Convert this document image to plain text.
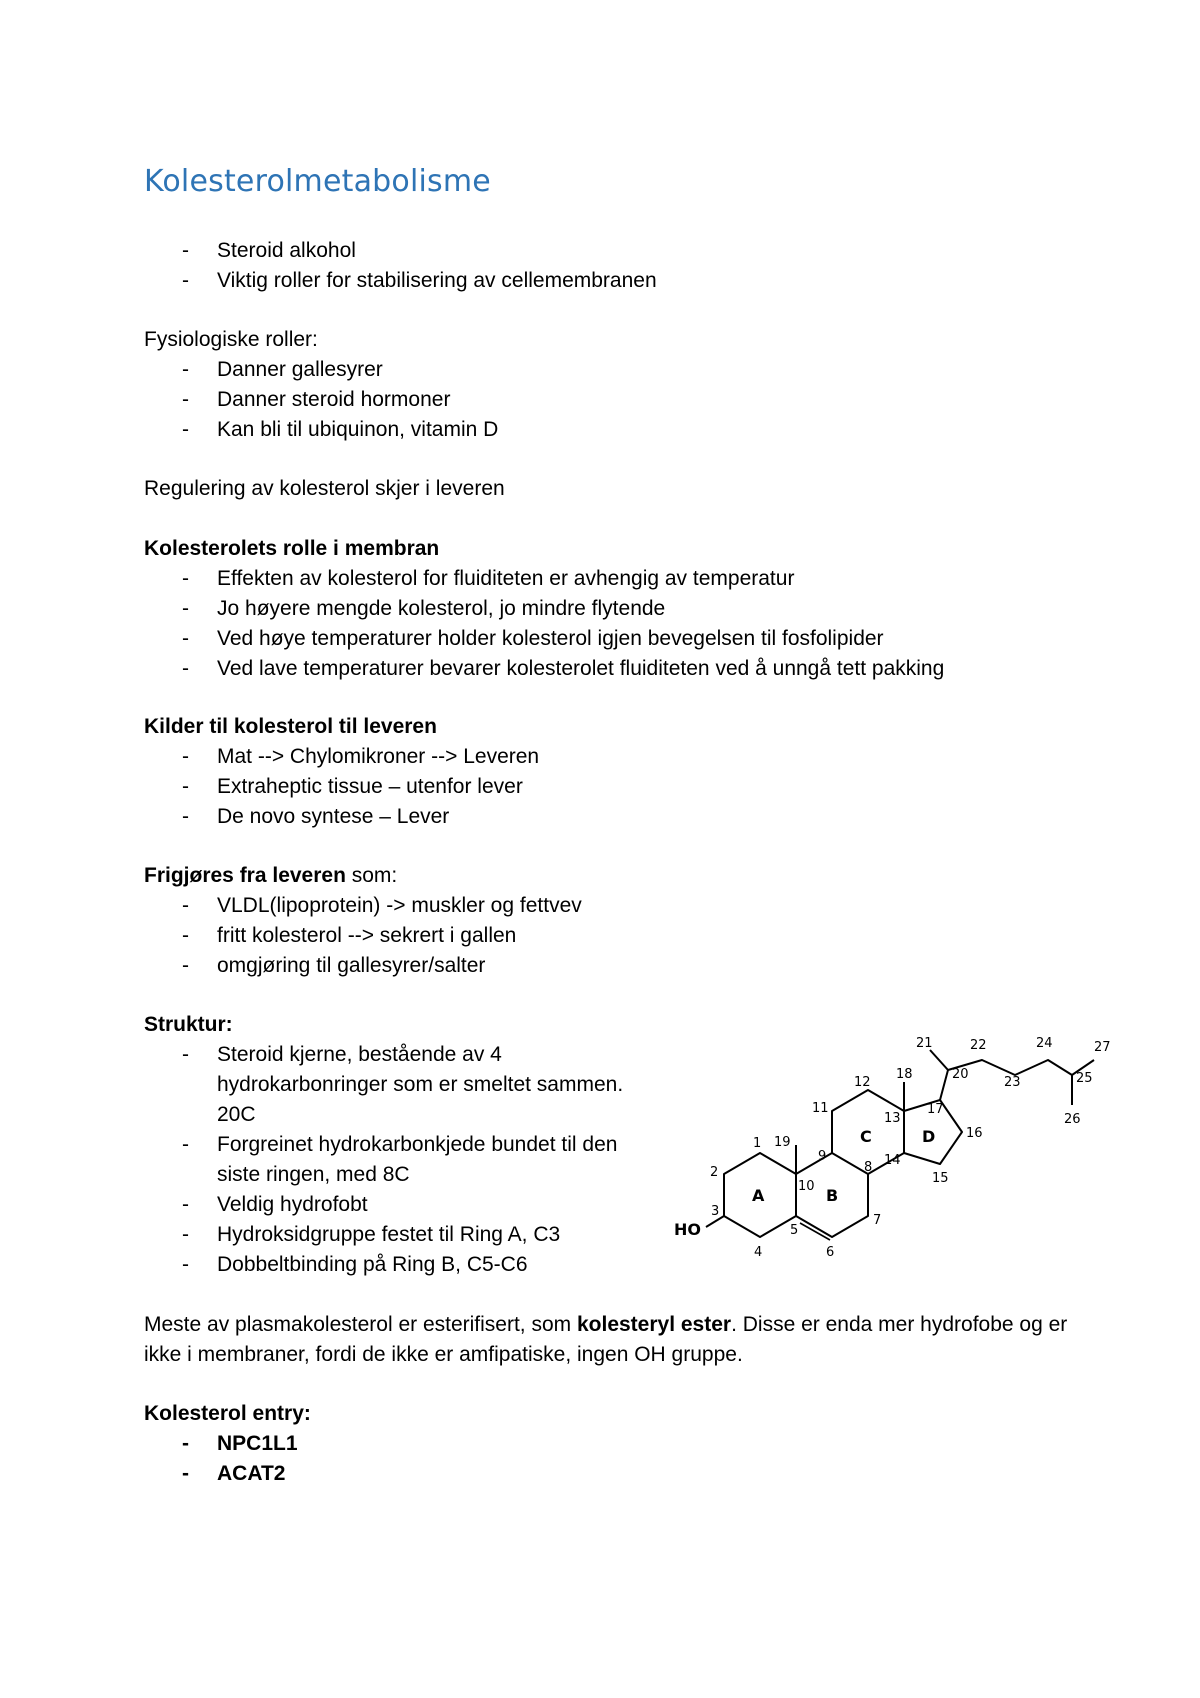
Kolesterolmetabolisme
- Steroid alkohol
- Viktig roller for stabilisering av cellemembranen

Fysiologiske roller:

- Danner gallesyrer
- Danner steroid hormoner
- Kan bli til ubiquinon, vitamin D

Regulering av kolesterol skjer i leveren

Kolesterolets rolle i membran

- Effekten av kolesterol for fluiditeten er avhengig av temperatur
- Jo høyere mengde kolesterol, jo mindre flytende
- Ved høye temperaturer holder kolesterol igjen bevegelsen til fosfolipider
- Ved lave temperaturer bevarer kolesterolet fluiditeten ved å unngå tett pakking

Kilder til kolesterol til leveren

- Mat --> Chylomikroner --> Leveren
- Extraheptic tissue – utenfor lever
- De novo syntese – Lever

Frigjøres fra leveren som:

- VLDL(lipoprotein) -> muskler og fettvev
- fritt kolesterol --> sekrert i gallen
- omgjøring til gallesyrer/salter

Struktur:

- Steroid kjerne, bestående av 4 hydrokarbonringer som er smeltet sammen. 20C
- Forgreinet hydrokarbonkjede bundet til den siste ringen, med 8C
- Veldig hydrofobt
- Hydroksidgruppe festet til Ring A, C3
- Dobbeltbinding på Ring B, C5-C6
A	B
C	D
HO
1
2
3
4
5
6
7
8
9
10
11
12
13
14
15
16
17
18
19
20
21	22
23
24
25
26
27

Meste av plasmakolesterol er esterifisert, som kolesteryl ester. Disse er enda mer hydrofobe og er ikke i membraner, fordi de ikke er amfipatiske, ingen OH gruppe.

Kolesterol entry:

- NPC1L1
- ACAT2
